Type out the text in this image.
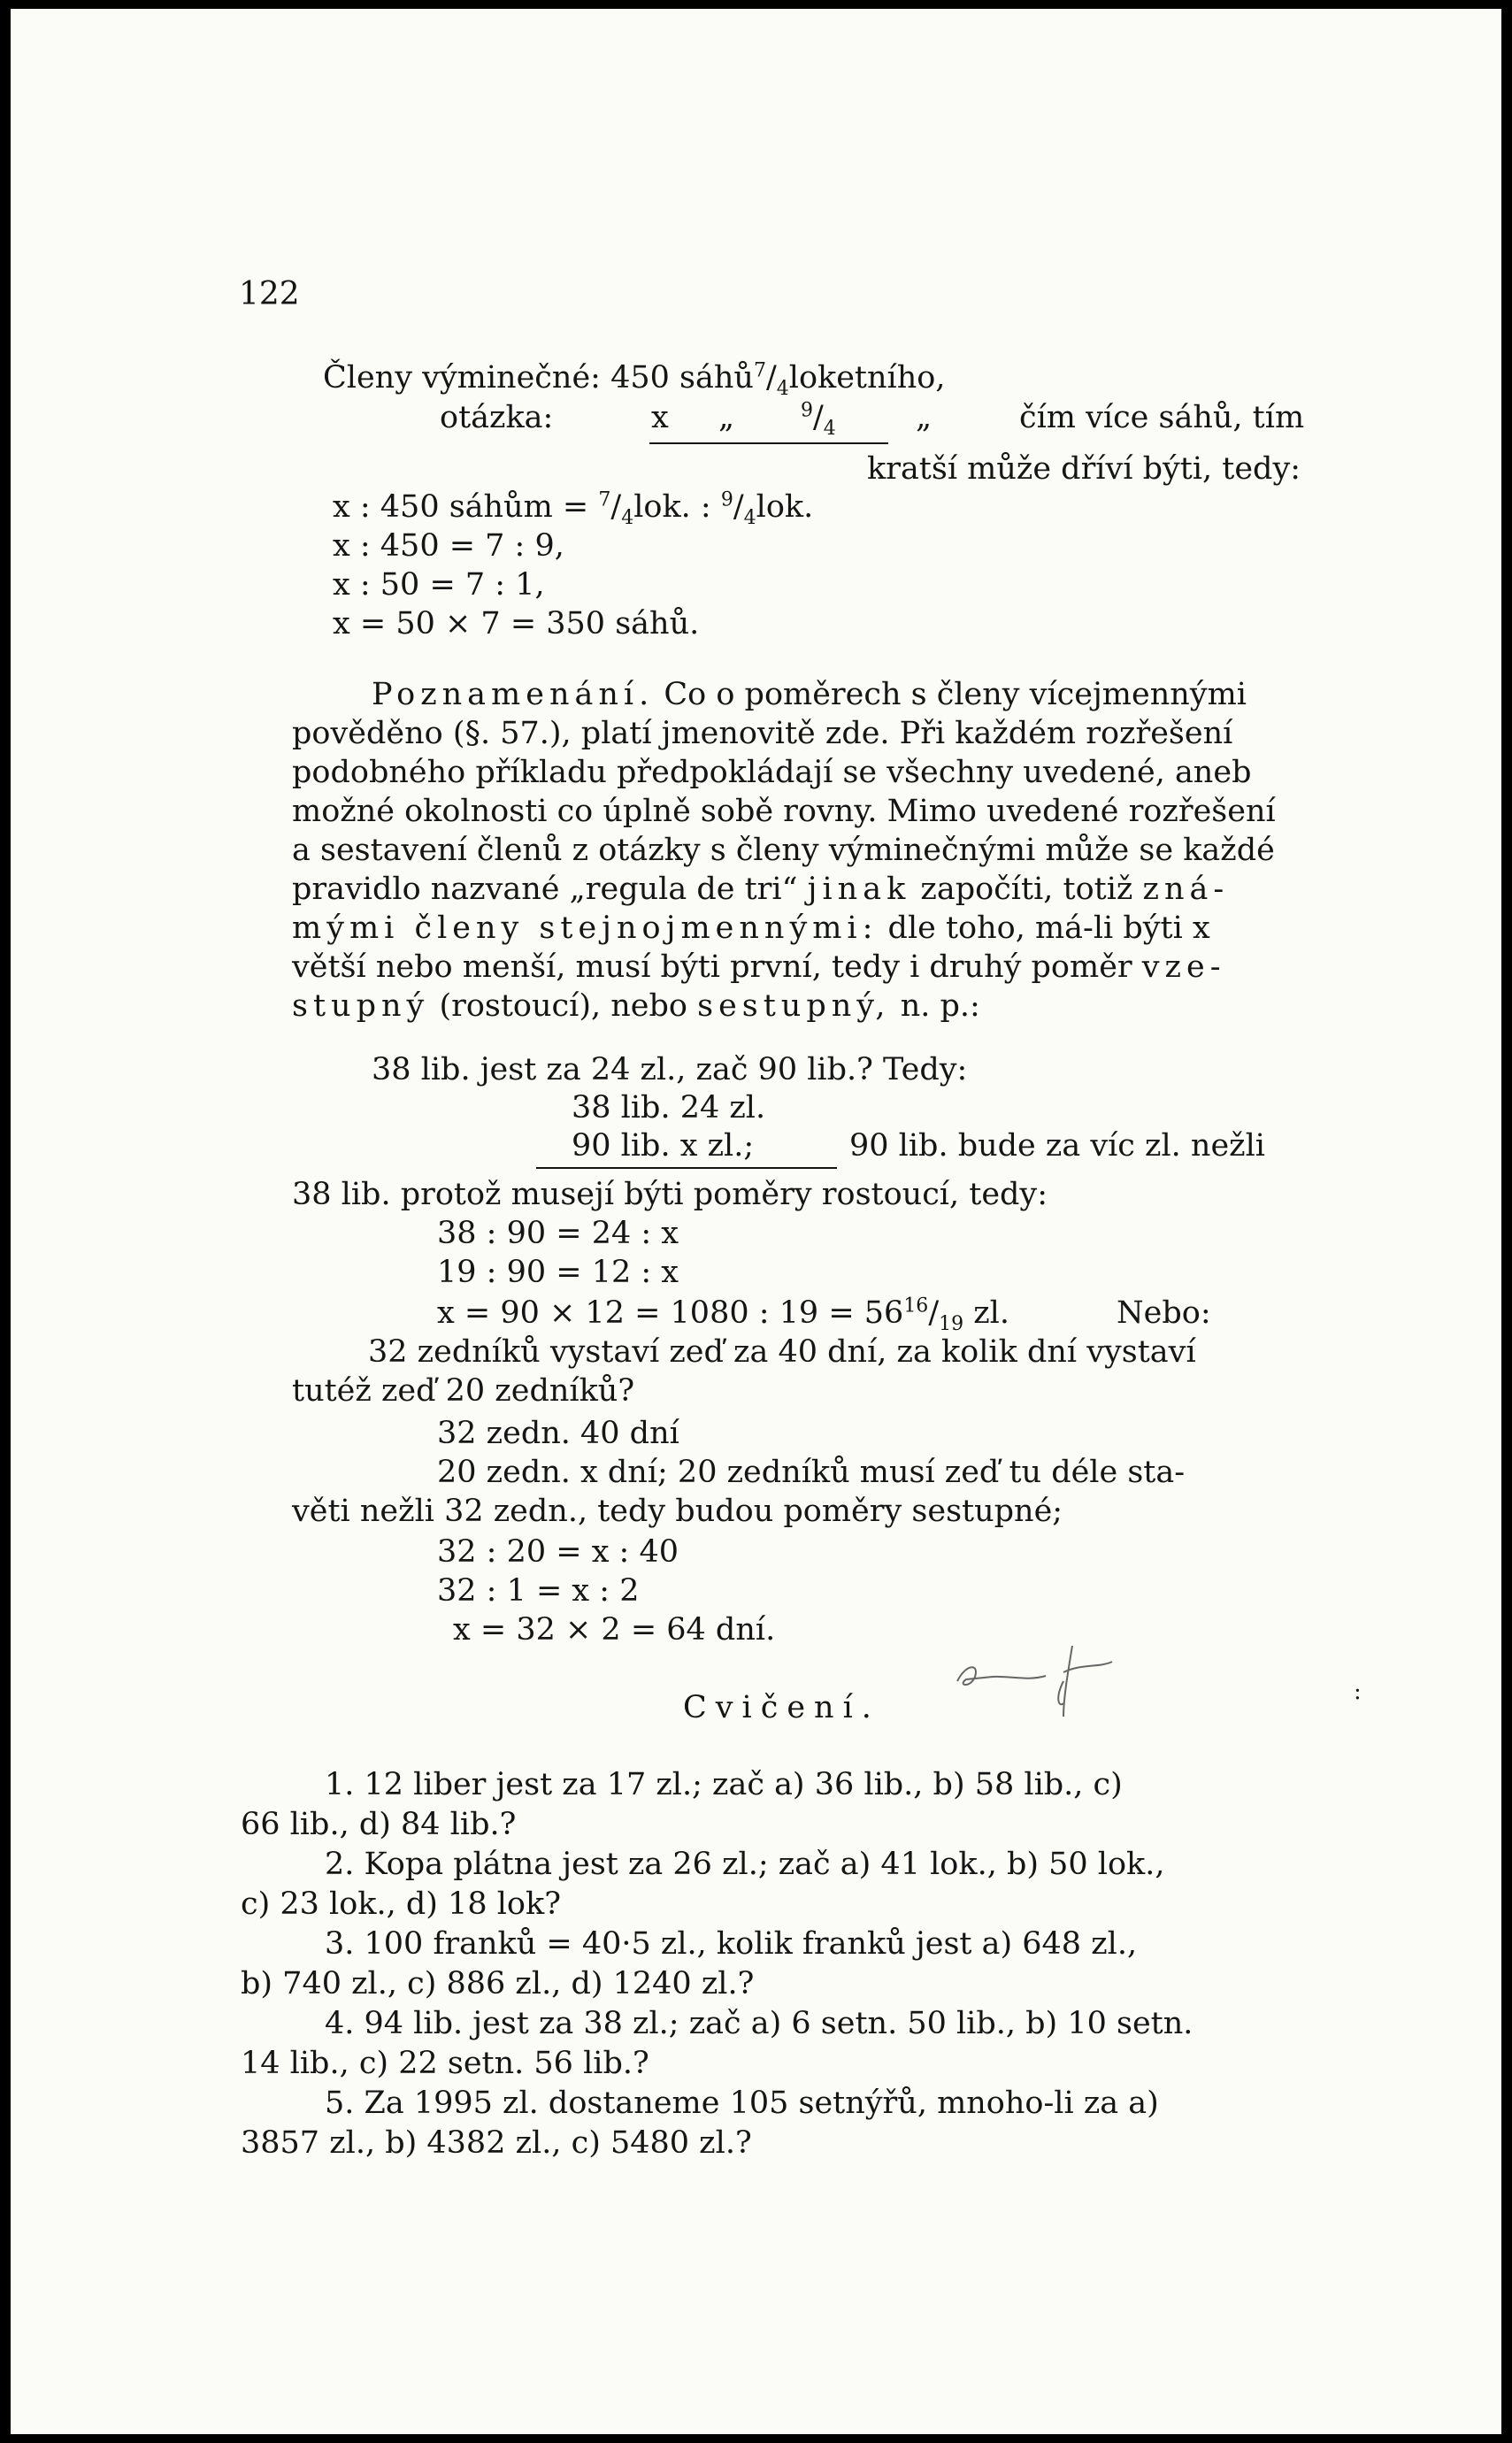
122
Členy výminečné: 450 $sáhů^7/_4loketního$,
otázka:	x „	$^9/_4$	„	čím více sáhů, tím
kratší může dříví býti, tedy:
x : 450 sáhům = $^7/_4lok$. : $^9/_4lok$.
x : 450 = 7 : 9,
x : 50 = 7 : 1,
x = 50 × 7 = 350 sáhů.
Poznamenání. Co o poměrech s členy vícejmennými
pověděno (§. 57.), platí jmenovitě zde. Při každém rozřešení
podobného příkladu předpokládají se všechny uvedené, aneb
možné okolnosti co úplně sobě rovny. Mimo uvedené rozřešení
a sestavení členů z otázky s členy výminečnými může se každé
pravidlo nazvané „regula de tri“ jinak započíti, totiž zná-
mými členy stejnojmennými: dle toho, má-li býti x
větší nebo menší, musí býti první, tedy i druhý poměr vze-
stupný (rostoucí), nebo sestupný, n. p.:
38 lib. jest za 24 zl., zač 90 lib.? Tedy:
38 lib. 24 zl.
90 lib. x zl.;	90 lib. bude za víc zl. nežli
38 lib. protož musejí býti poměry rostoucí, tedy:
38 : 90 = 24 : x
19 : 90 = 12 : x
x = 90 × 12 = 1080 : $19 = 56^{16}/_{19}$ zl.	Nebo:
32 zedníků vystaví zeď za 40 dní, za kolik dní vystaví
tutéž zeď 20 zedníků?
32 zedn. 40 dní
20 zedn. x dní; 20 zedníků musí zeď tu déle sta-
věti nežli 32 zedn., tedy budou poměry sestupné;
32 : 20 = x : 40
32 : 1 = x : 2
x = 32 × 2 = 64 dní.
:
Cvičení.
1. 12 liber jest za 17 zl.; zač a) 36 lib., b) 58 lib., c)
66 lib., d) 84 lib.?
2. Kopa plátna jest za 26 zl.; zač a) 41 lok., b) 50 lok.,
c) 23 lok., d) 18 lok?
3. 100 franků = 40·5 zl., kolik franků jest a) 648 zl.,
b) 740 zl., c) 886 zl., d) 1240 zl.?
4. 94 lib. jest za 38 zl.; zač a) 6 setn. 50 lib., b) 10 setn.
14 lib., c) 22 setn. 56 lib.?
5. Za 1995 zl. dostaneme 105 setnýřů, mnoho-li za a)
3857 zl., b) 4382 zl., c) 5480 zl.?
